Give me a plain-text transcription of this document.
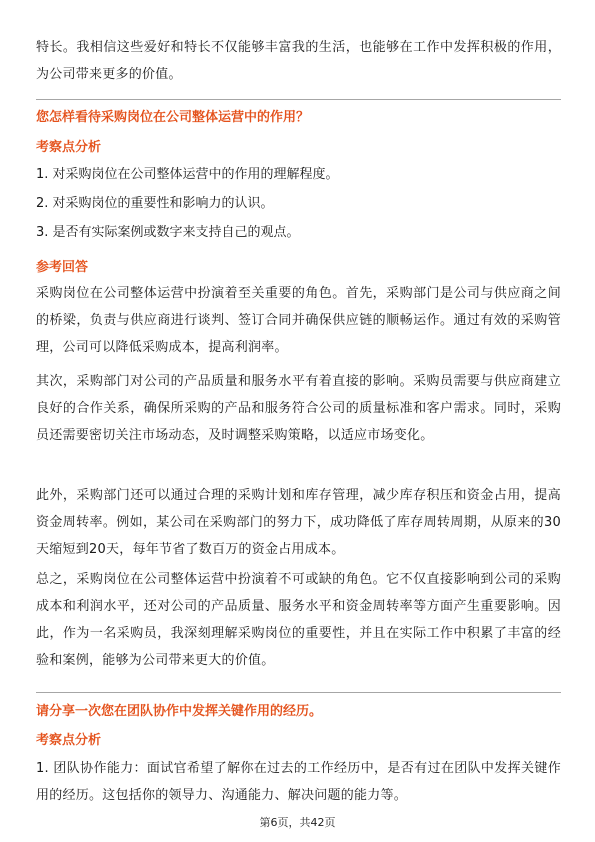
特长。我相信这些爱好和特长不仅能够丰富我的生活，也能够在工作中发挥积极的作用，为公司带来更多的价值。

您怎样看待采购岗位在公司整体运营中的作用？

考察点分析

1. 对采购岗位在公司整体运营中的作用的理解程度。

2. 对采购岗位的重要性和影响力的认识。

3. 是否有实际案例或数字来支持自己的观点。

参考回答

采购岗位在公司整体运营中扮演着至关重要的角色。首先，采购部门是公司与供应商之间的桥梁，负责与供应商进行谈判、签订合同并确保供应链的顺畅运作。通过有效的采购管理，公司可以降低采购成本，提高利润率。

其次，采购部门对公司的产品质量和服务水平有着直接的影响。采购员需要与供应商建立良好的合作关系，确保所采购的产品和服务符合公司的质量标准和客户需求。同时，采购员还需要密切关注市场动态，及时调整采购策略，以适应市场变化。

此外，采购部门还可以通过合理的采购计划和库存管理，减少库存积压和资金占用，提高资金周转率。例如，某公司在采购部门的努力下，成功降低了库存周转周期，从原来的30天缩短到20天，每年节省了数百万的资金占用成本。

总之，采购岗位在公司整体运营中扮演着不可或缺的角色。它不仅直接影响到公司的采购成本和利润水平，还对公司的产品质量、服务水平和资金周转率等方面产生重要影响。因此，作为一名采购员，我深刻理解采购岗位的重要性，并且在实际工作中积累了丰富的经验和案例，能够为公司带来更大的价值。

请分享一次您在团队协作中发挥关键作用的经历。

考察点分析

1. 团队协作能力：面试官希望了解你在过去的工作经历中，是否有过在团队中发挥关键作用的经历。这包括你的领导力、沟通能力、解决问题的能力等。

第6页，共42页
